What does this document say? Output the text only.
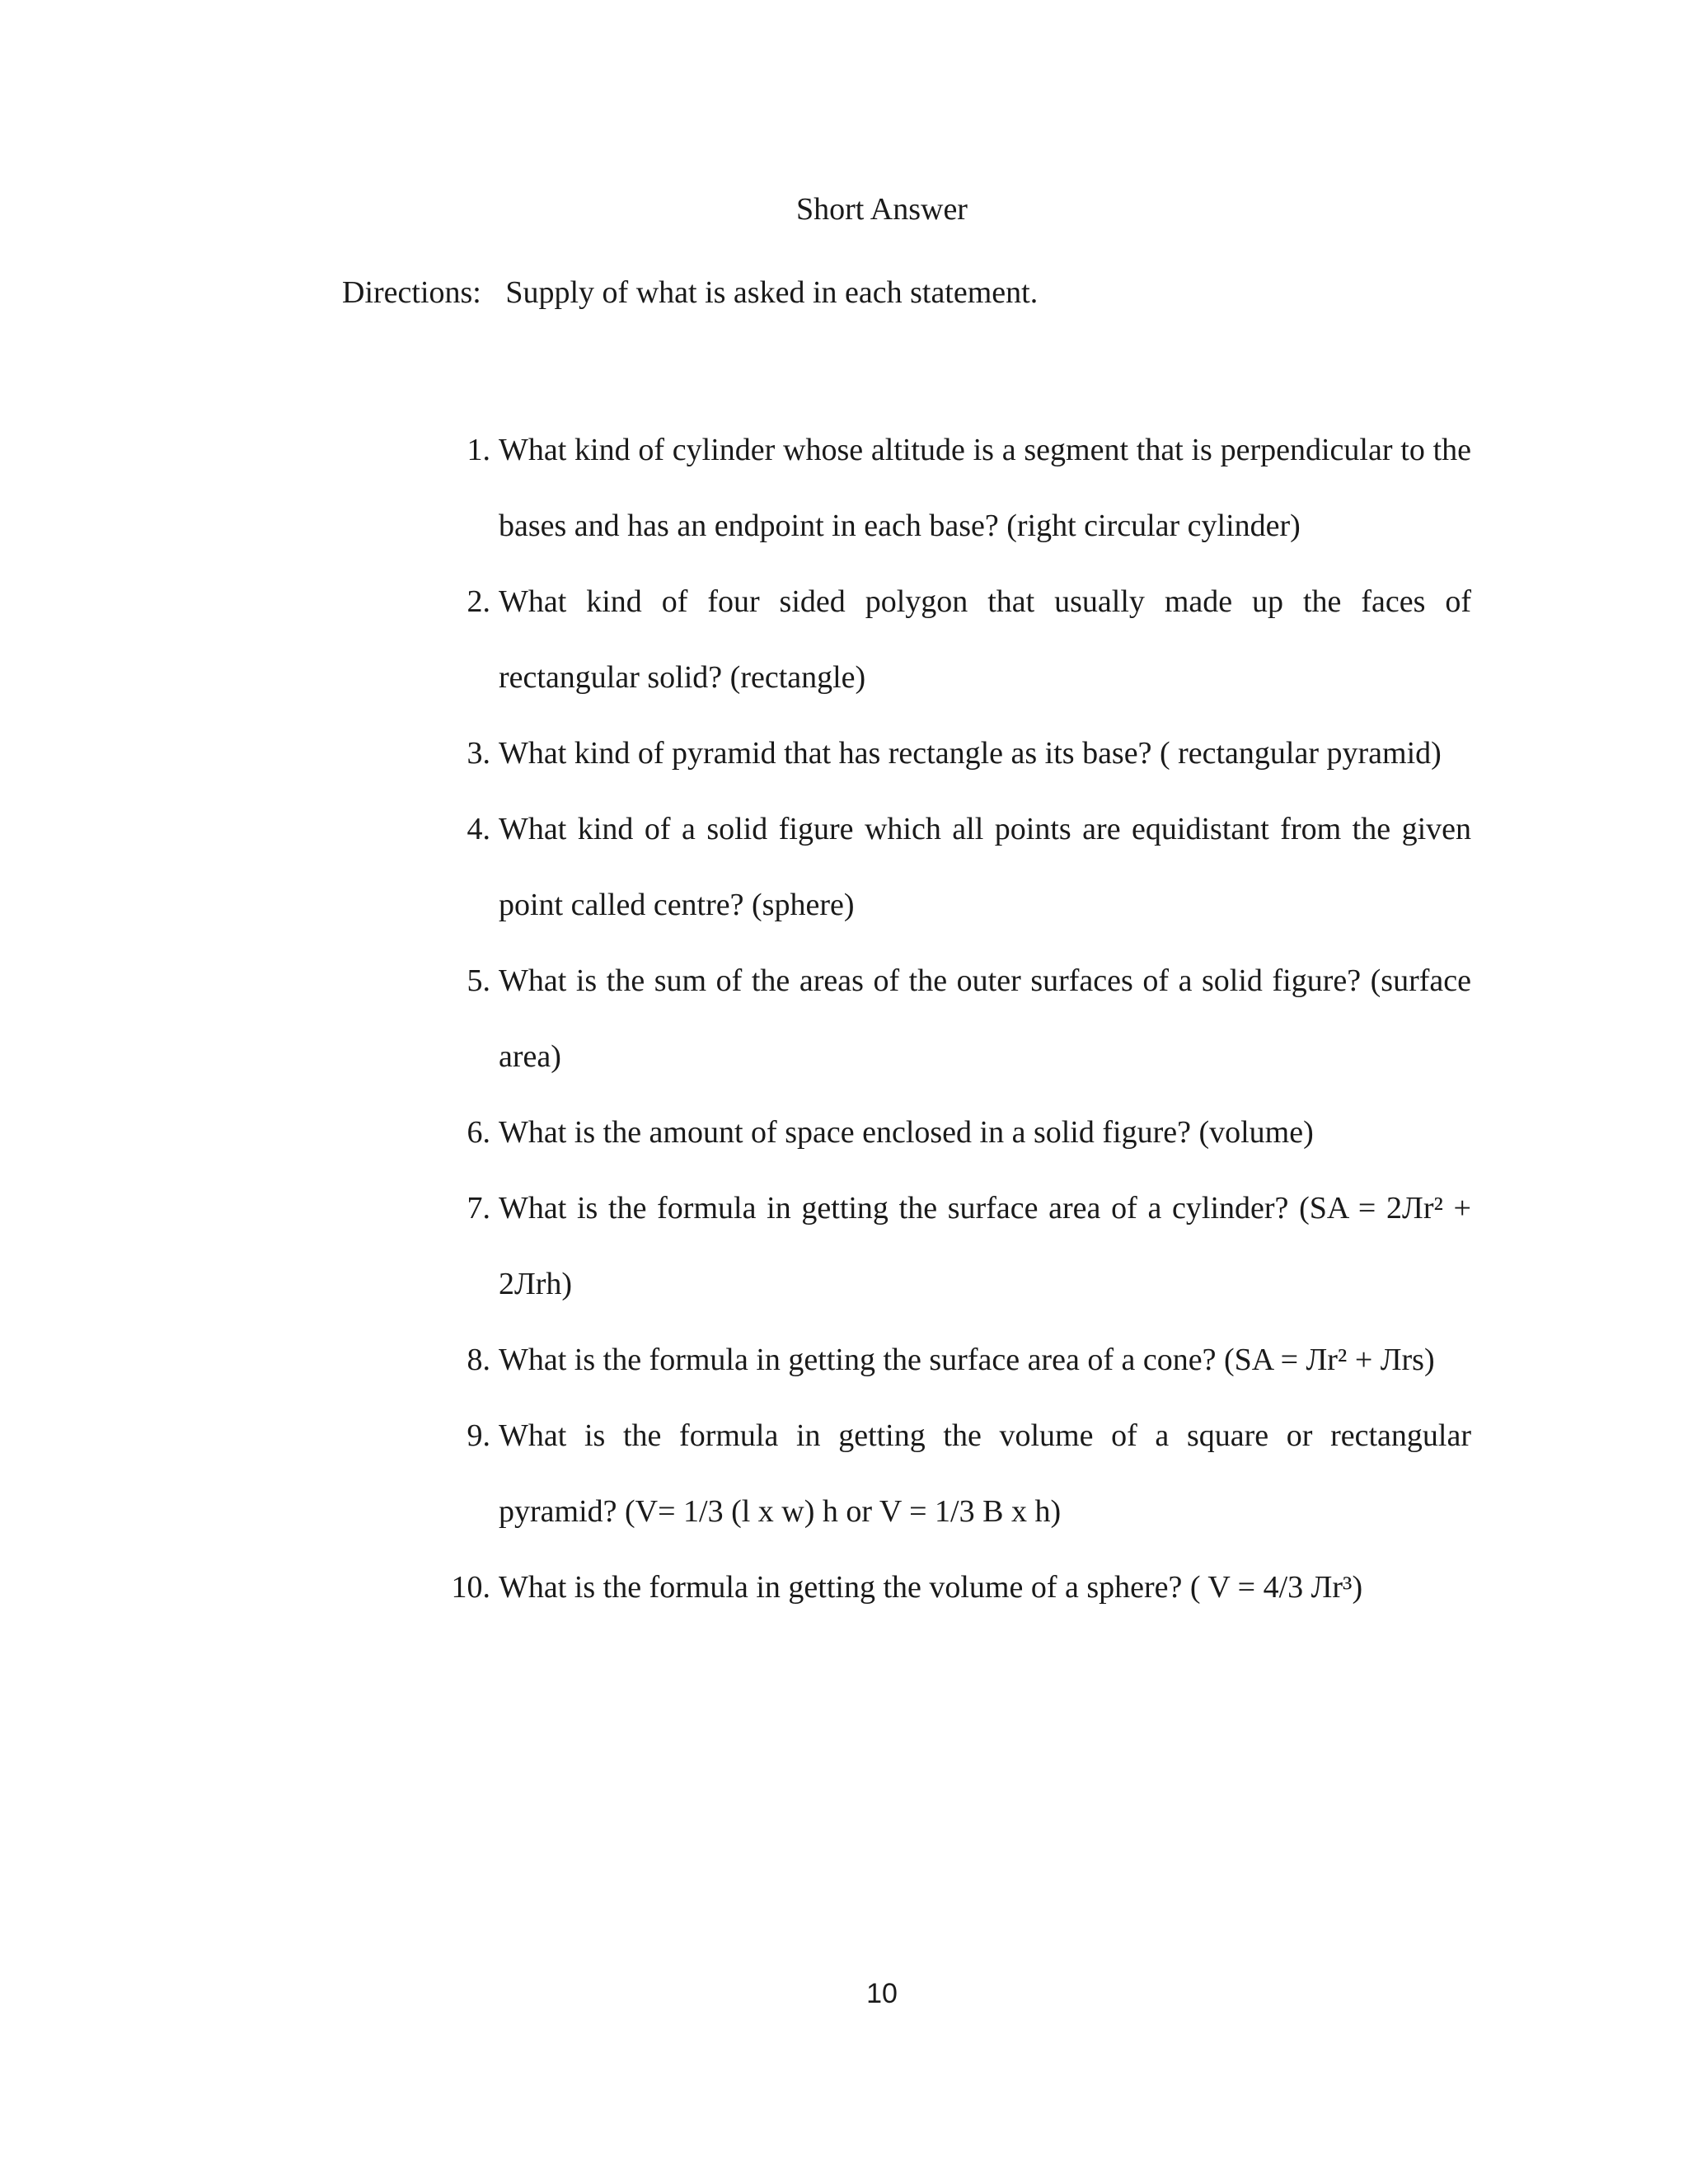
Short Answer
Directions: Supply of what is asked in each statement.
1. What kind of cylinder whose altitude is a segment that is perpendicular to the bases and has an endpoint in each base? (right circular cylinder)
2. What kind of four sided polygon that usually made up the faces of rectangular solid? (rectangle)
3. What kind of pyramid that has rectangle as its base? ( rectangular pyramid)
4. What kind of a solid figure which all points are equidistant from the given point called centre? (sphere)
5. What is the sum of the areas of the outer surfaces of a solid figure? (surface area)
6. What is the amount of space enclosed in a solid figure? (volume)
7. What is the formula in getting the surface area of a cylinder? (SA = 2Лr² + 2Лrh)
8. What is the formula in getting the surface area of a cone? (SA = Лr² + Лrs)
9. What is the formula in getting the volume of a square or rectangular pyramid? (V= 1/3 (l x w) h or V = 1/3 B x h)
10. What is the formula in getting the volume of a sphere? ( V = 4/3 Лr³)
10
